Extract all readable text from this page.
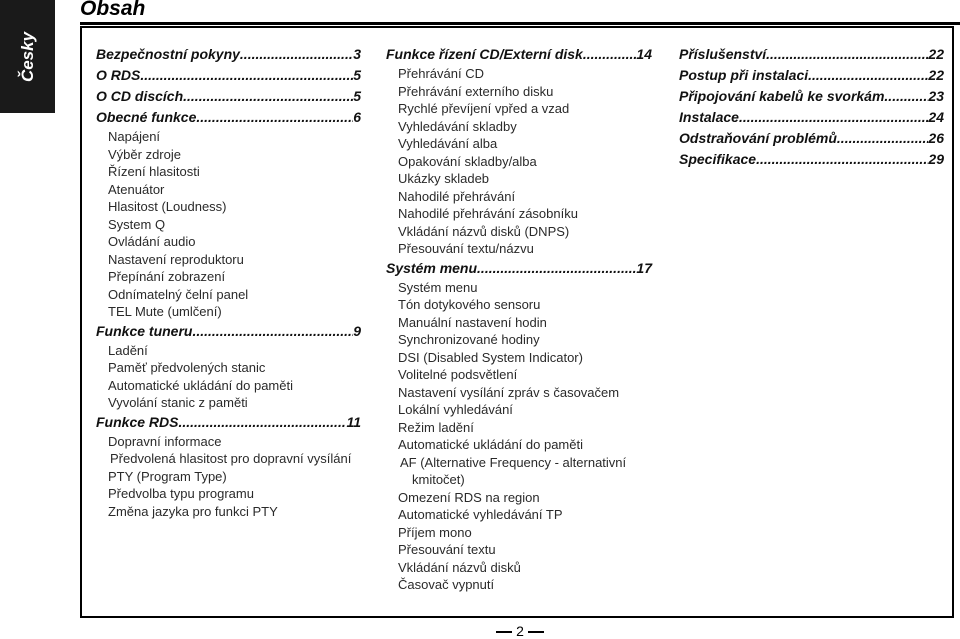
Česky
Obsah
Bezpečnostní pokyny .....	3
O RDS .....	5
O CD discích .....	5
Obecné funkce .....	6
Napájení
Výběr zdroje
Řízení hlasitosti
Atenuátor
Hlasitost (Loudness)
System Q
Ovládání audio
Nastavení reproduktoru
Přepínání zobrazení
Odnímatelný čelní panel
TEL Mute (umlčení)
Funkce tuneru .....	9
Ladění
Paměť předvolených stanic
Automatické ukládání do paměti
Vyvolání stanic z paměti
Funkce RDS .....	11
Dopravní informace
Předvolená hlasitost pro dopravní vysílání
PTY (Program Type)
Předvolba typu programu
Změna jazyka pro funkci PTY
Funkce řízení CD/Externí disk .....	14
Přehrávání CD
Přehrávání externího disku
Rychlé převíjení vpřed a vzad
Vyhledávání skladby
Vyhledávání alba
Opakování skladby/alba
Ukázky skladeb
Nahodilé přehrávání
Nahodilé přehrávání zásobníku
Vkládání názvů disků (DNPS)
Přesouvání textu/názvu
Systém menu .....	17
Systém menu
Tón dotykového sensoru
Manuální nastavení hodin
Synchronizované hodiny
DSI (Disabled System Indicator)
Volitelné podsvětlení
Nastavení vysílání zpráv s časovačem
Lokální vyhledávání
Režim ladění
Automatické ukládání do paměti
AF (Alternative Frequency - alternativní kmitočet)
Omezení RDS na region
Automatické vyhledávání TP
Příjem mono
Přesouvání textu
Vkládání názvů disků
Časovač vypnutí
Příslušenství .....	22
Postup při instalaci .....	22
Připojování kabelů ke svorkám .....	23
Instalace .....	24
Odstraňování problémů .....	26
Specifikace .....	29
2
